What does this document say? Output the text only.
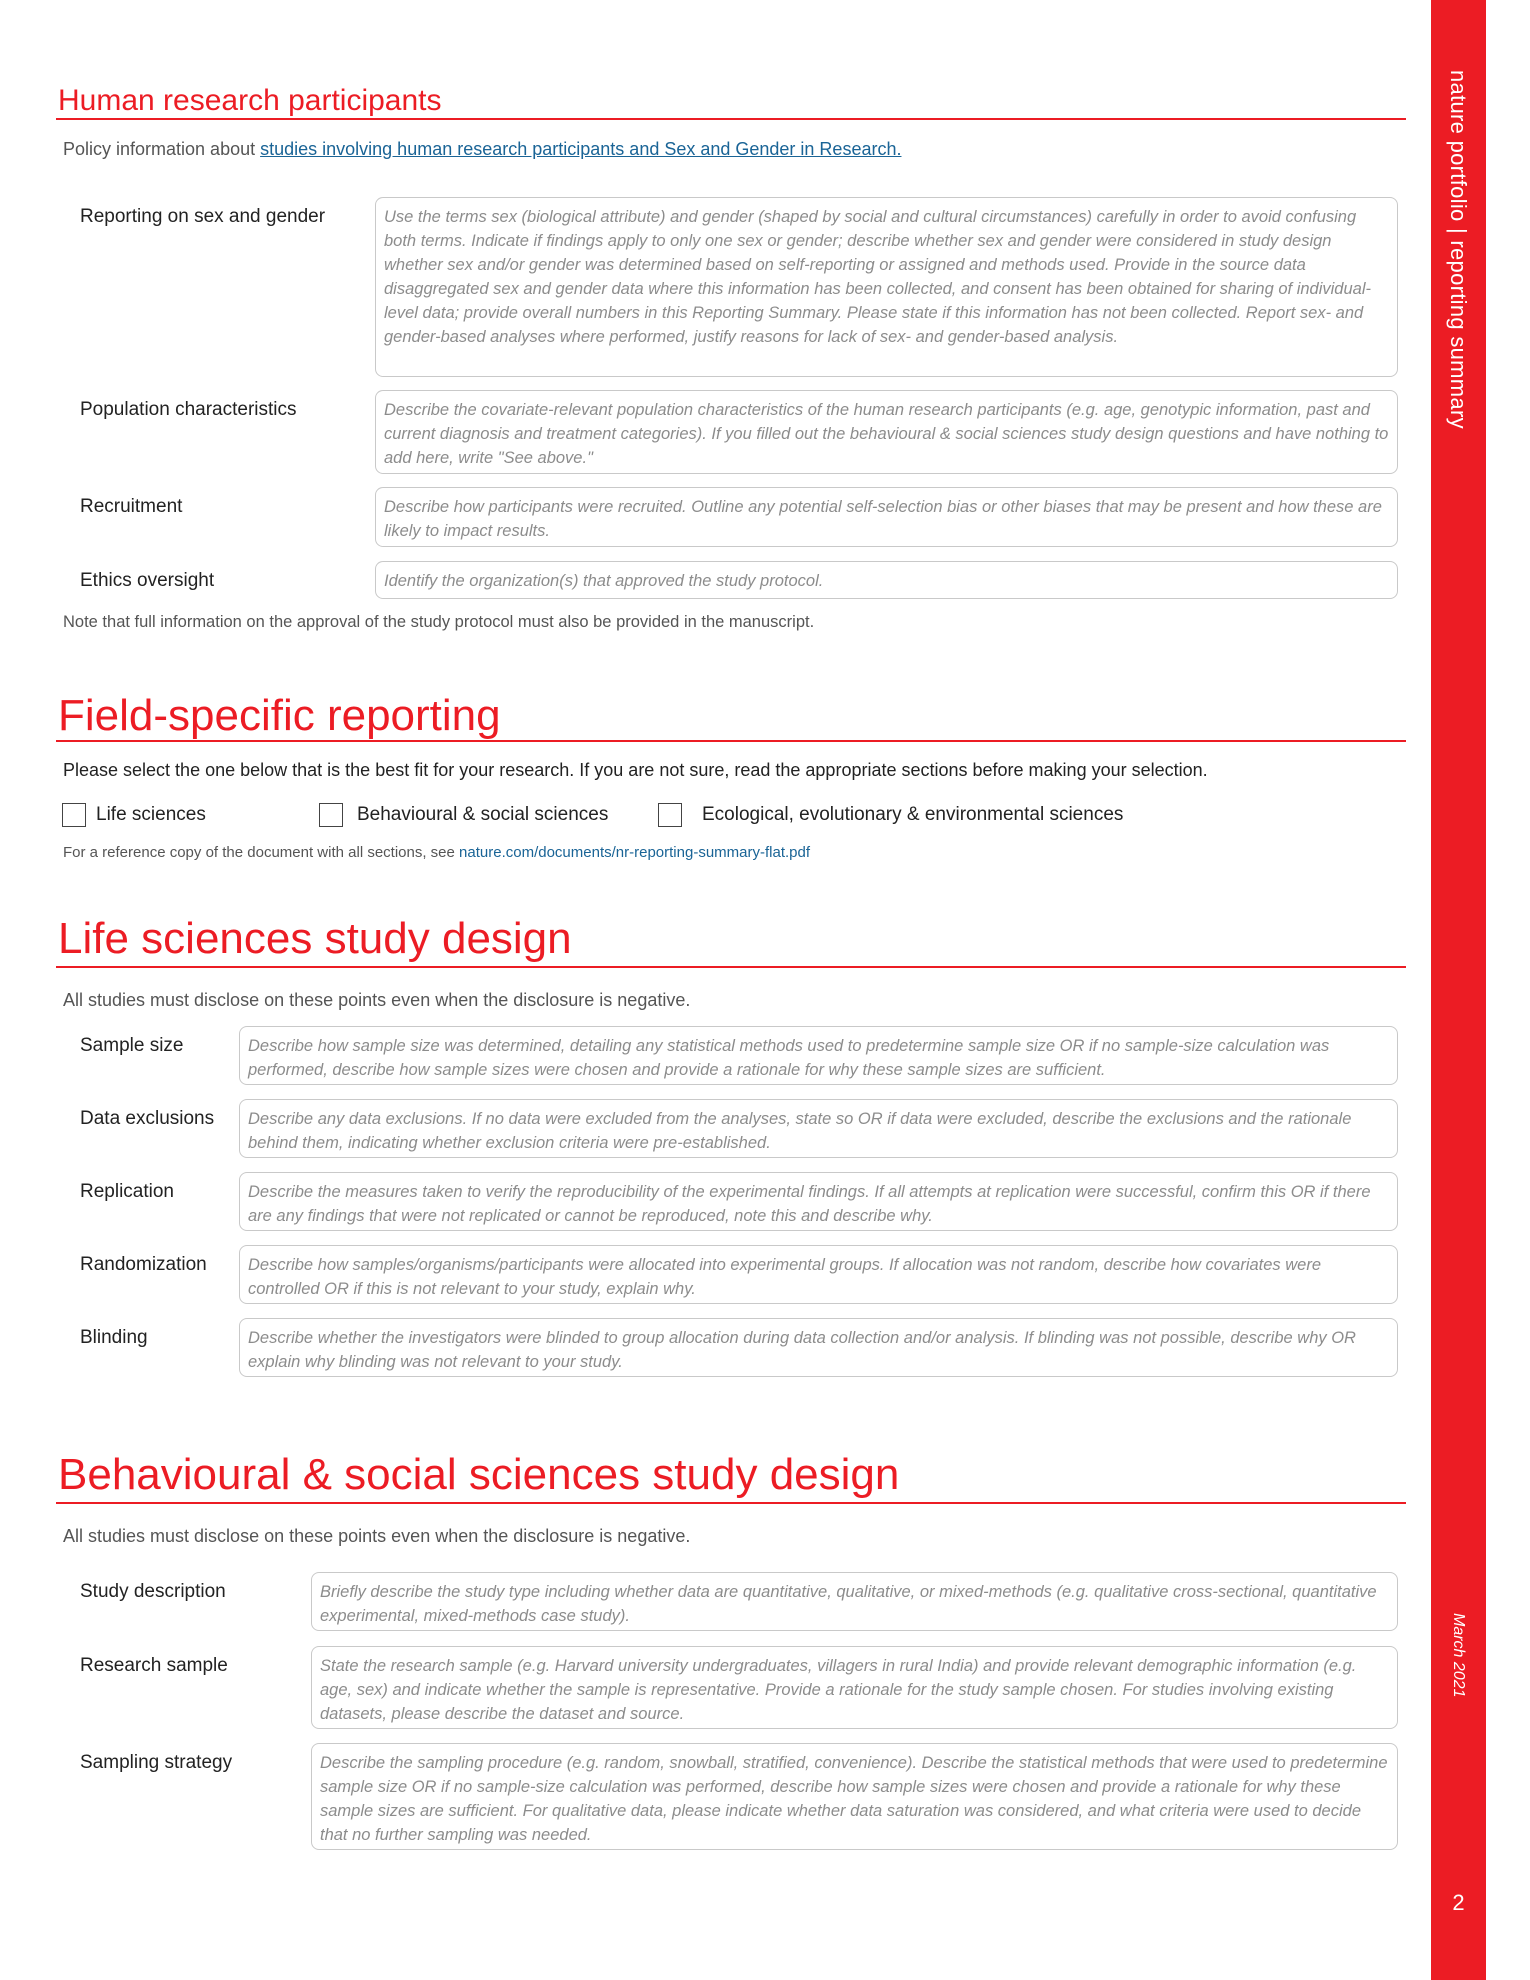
nature portfolio | reporting summary
March 2021
2
Human research participants
Policy information about studies involving human research participants and Sex and Gender in Research.
Reporting on sex and gender	Use the terms sex (biological attribute) and gender (shaped by social and cultural circumstances) carefully in order to avoid confusing both terms. Indicate if findings apply to only one sex or gender; describe whether sex and gender were considered in study design whether sex and/or gender was determined based on self-reporting or assigned and methods used. Provide in the source data disaggregated sex and gender data where this information has been collected, and consent has been obtained for sharing of individual-level data; provide overall numbers in this Reporting Summary. Please state if this information has not been collected. Report sex- and gender-based analyses where performed, justify reasons for lack of sex- and gender-based analysis.
Population characteristics	Describe the covariate-relevant population characteristics of the human research participants (e.g. age, genotypic information, past and current diagnosis and treatment categories). If you filled out the behavioural & social sciences study design questions and have nothing to add here, write "See above."
Recruitment	Describe how participants were recruited. Outline any potential self-selection bias or other biases that may be present and how these are likely to impact results.
Ethics oversight	Identify the organization(s) that approved the study protocol.
Note that full information on the approval of the study protocol must also be provided in the manuscript.
Field-specific reporting
Please select the one below that is the best fit for your research. If you are not sure, read the appropriate sections before making your selection.
Life sciences	Behavioural & social sciences	Ecological, evolutionary & environmental sciences
For a reference copy of the document with all sections, see nature.com/documents/nr-reporting-summary-flat.pdf
Life sciences study design
All studies must disclose on these points even when the disclosure is negative.
Sample size	Describe how sample size was determined, detailing any statistical methods used to predetermine sample size OR if no sample-size calculation was performed, describe how sample sizes were chosen and provide a rationale for why these sample sizes are sufficient.
Data exclusions	Describe any data exclusions. If no data were excluded from the analyses, state so OR if data were excluded, describe the exclusions and the rationale behind them, indicating whether exclusion criteria were pre-established.
Replication	Describe the measures taken to verify the reproducibility of the experimental findings. If all attempts at replication were successful, confirm this OR if there are any findings that were not replicated or cannot be reproduced, note this and describe why.
Randomization	Describe how samples/organisms/participants were allocated into experimental groups. If allocation was not random, describe how covariates were controlled OR if this is not relevant to your study, explain why.
Blinding	Describe whether the investigators were blinded to group allocation during data collection and/or analysis. If blinding was not possible, describe why OR explain why blinding was not relevant to your study.
Behavioural & social sciences study design
All studies must disclose on these points even when the disclosure is negative.
Study description	Briefly describe the study type including whether data are quantitative, qualitative, or mixed-methods (e.g. qualitative cross-sectional, quantitative experimental, mixed-methods case study).
Research sample	State the research sample (e.g. Harvard university undergraduates, villagers in rural India) and provide relevant demographic information (e.g. age, sex) and indicate whether the sample is representative. Provide a rationale for the study sample chosen. For studies involving existing datasets, please describe the dataset and source.
Sampling strategy	Describe the sampling procedure (e.g. random, snowball, stratified, convenience). Describe the statistical methods that were used to predetermine sample size OR if no sample-size calculation was performed, describe how sample sizes were chosen and provide a rationale for why these sample sizes are sufficient. For qualitative data, please indicate whether data saturation was considered, and what criteria were used to decide that no further sampling was needed.
